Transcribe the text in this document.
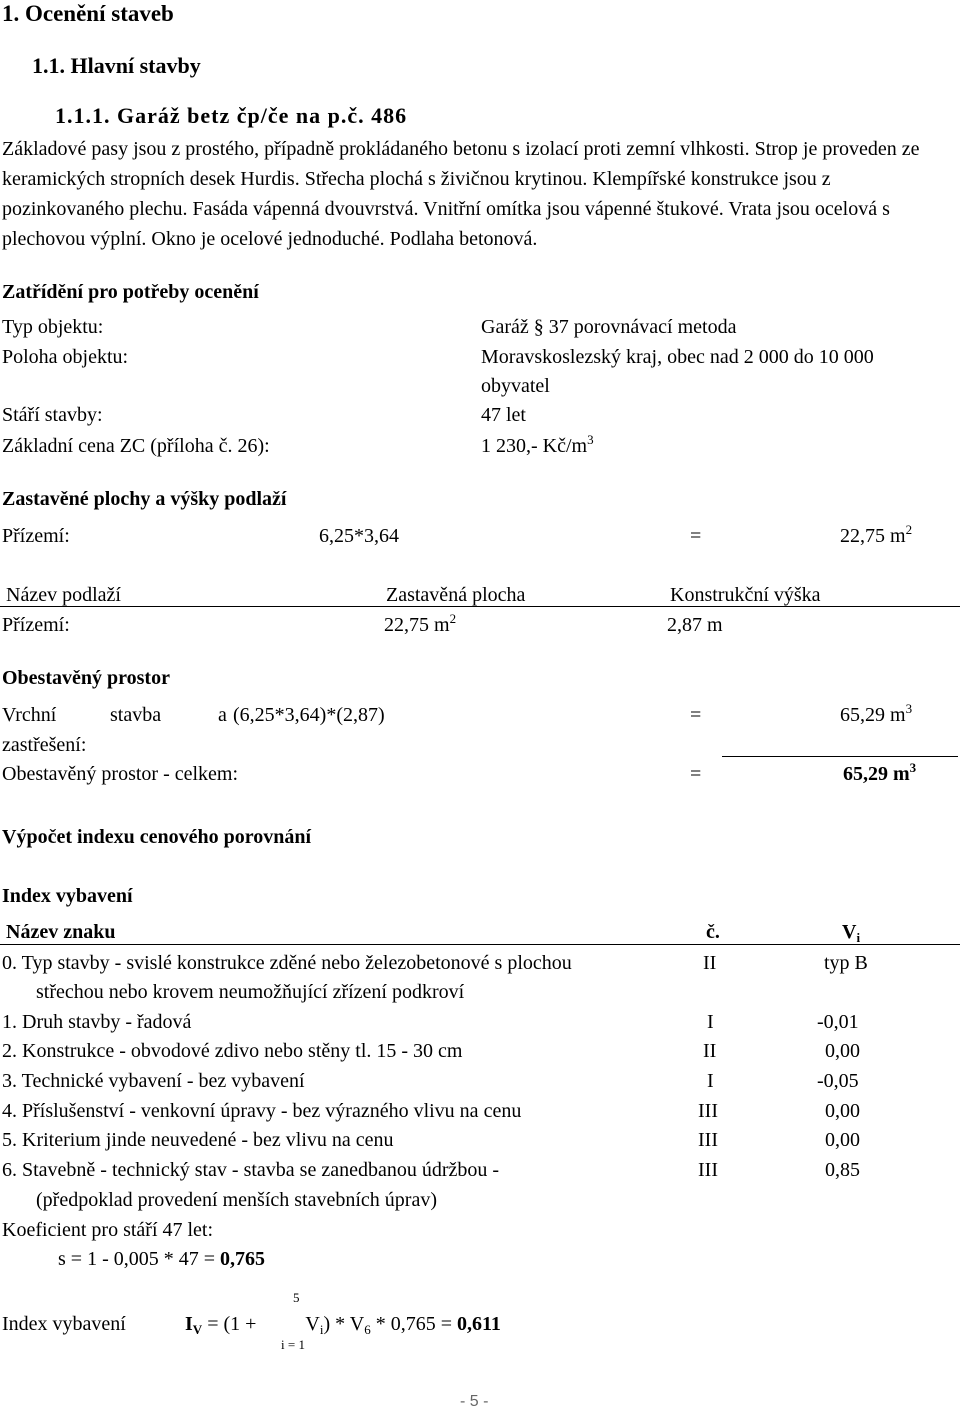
1. Ocenění staveb
1.1. Hlavní stavby
1.1.1. Garáž betz čp/če na p.č. 486
Základové pasy jsou z prostého, případně prokládaného betonu s izolací proti zemní vlhkosti. Strop je proveden ze keramických stropních desek Hurdis. Střecha plochá s živičnou krytinou. Klempířské konstrukce jsou z pozinkovaného plechu. Fasáda vápenná dvouvrstvá. Vnitřní omítka jsou vápenné štukové. Vrata jsou ocelová s plechovou výplní. Okno je ocelové jednoduché. Podlaha betonová.
Zatřídění pro potřeby ocenění
Typ objektu:	Garáž § 37 porovnávací metoda
Poloha objektu:	Moravskoslezský kraj, obec nad 2 000 do 10 000
obyvatel
Stáří stavby:	47 let
Základní cena ZC (příloha č. 26):	1 230,- $Kč/m^3$
Zastavěné plochy a výšky podlaží
Přízemí:	6,25*3,64	=	22,75 $m^2$
Název podlaží	Zastavěná plocha	Konstrukční výška
Přízemí:	22,75 $m^2$	2,87 m
Obestavěný prostor
Vrchní	stavba	a (6,25*3,64)*(2,87)	=	65,29 $m^3$
zastřešení:
Obestavěný prostor - celkem:	=	65,29 $m^3$
Výpočet indexu cenového porovnání
Index vybavení
Název znaku	č.	$V_i$
0. Typ stavby - svislé konstrukce zděné nebo železobetonové s plochou
střechou nebo krovem neumožňující zřízení podkroví
II	typ B
1. Druh stavby - řadová	I	-0,01
2. Konstrukce - obvodové zdivo nebo stěny tl. 15 - 30 cm	II	0,00
3. Technické vybavení - bez vybavení	I	-0,05
4. Příslušenství - venkovní úpravy - bez výrazného vlivu na cenu	III	0,00
5. Kriterium jinde neuvedené - bez vlivu na cenu	III	0,00
6. Stavebně - technický stav - stavba se zanedbanou údržbou -
(předpoklad provedení menších stavebních úprav)
III	0,85
Koeficient pro stáří 47 let:
s = 1 - 0,005 * 47 = 0,765
5
Index vybavení	$I_V = (1 + V_i) * V_6 * 0,765 = 0,611$
i = 1
- 5 -
